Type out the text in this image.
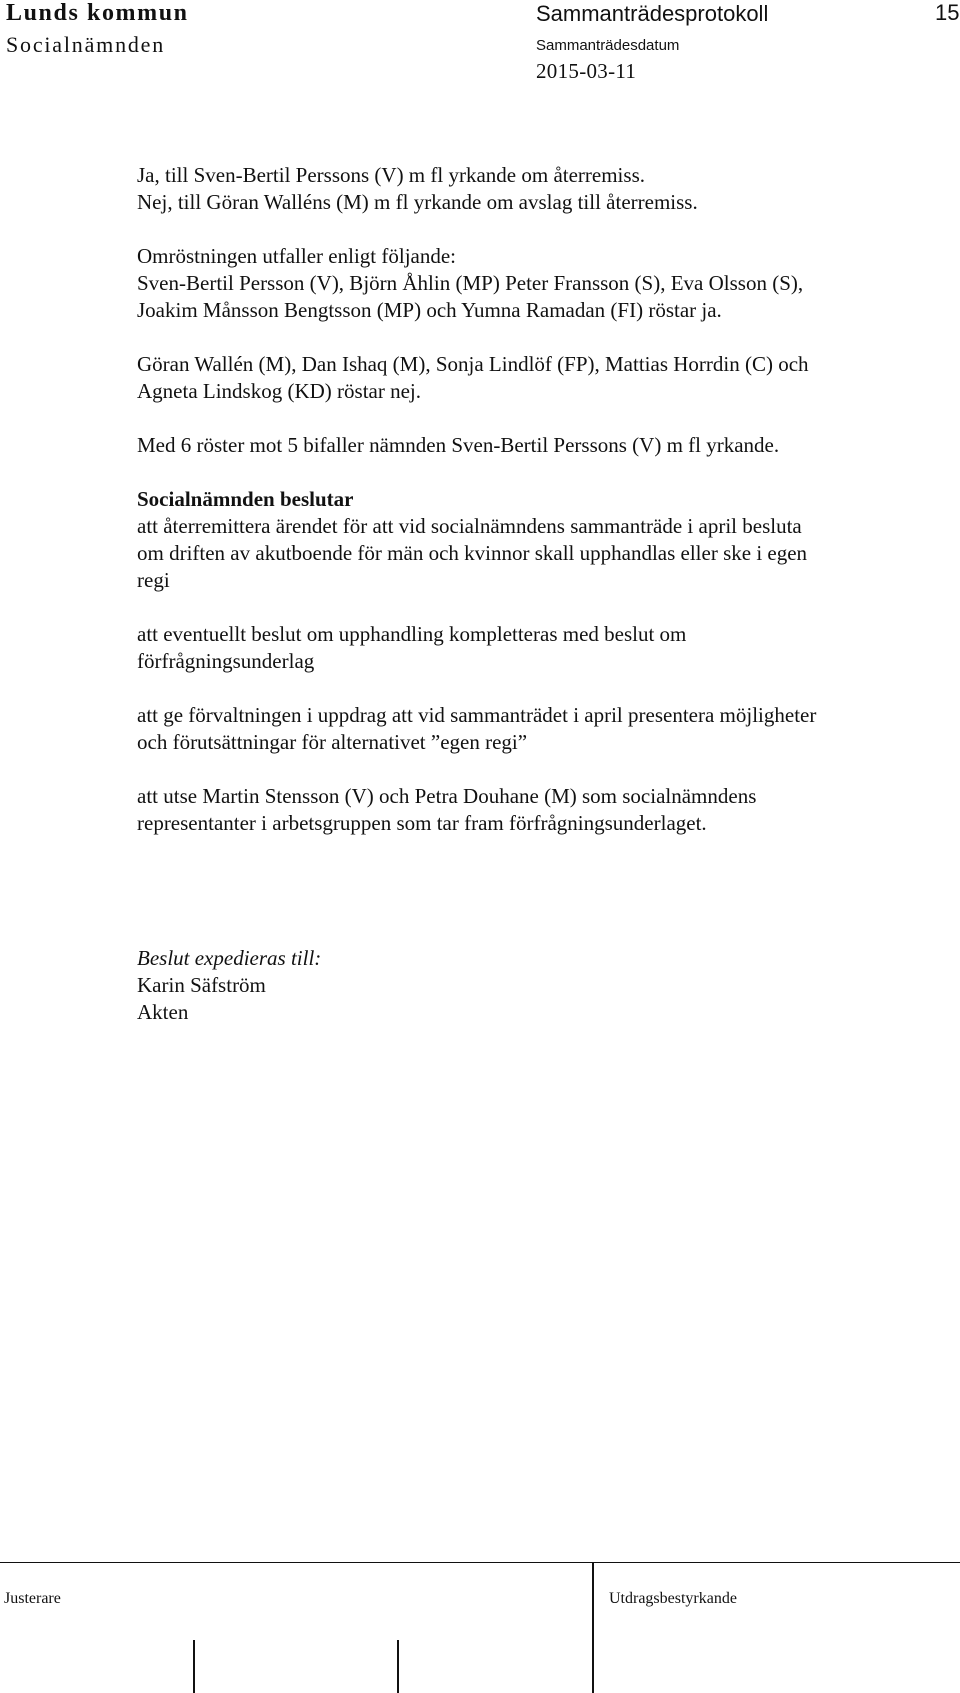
Lunds kommun
Socialnämnden
Sammanträdesprotokoll	15
Sammanträdesdatum
2015-03-11
Ja, till Sven-Bertil Perssons (V) m fl yrkande om återremiss.
Nej, till Göran Walléns (M) m fl yrkande om avslag till återremiss.
Omröstningen utfaller enligt följande:
Sven-Bertil Persson (V), Björn Åhlin (MP) Peter Fransson (S), Eva Olsson (S),
Joakim Månsson Bengtsson (MP) och Yumna Ramadan (FI) röstar ja.
Göran Wallén (M), Dan Ishaq (M), Sonja Lindlöf (FP), Mattias Horrdin (C) och
Agneta Lindskog (KD) röstar nej.
Med 6 röster mot 5 bifaller nämnden Sven-Bertil Perssons (V) m fl yrkande.
Socialnämnden beslutar
att återremittera ärendet för att vid socialnämndens sammanträde i april besluta
om driften av akutboende för män och kvinnor skall upphandlas eller ske i egen
regi
att eventuellt beslut om upphandling kompletteras med beslut om
förfrågningsunderlag
att ge förvaltningen i uppdrag att vid sammanträdet i april presentera möjligheter
och förutsättningar för alternativet ”egen regi”
att utse Martin Stensson (V) och Petra Douhane (M) som socialnämndens
representanter i arbetsgruppen som tar fram förfrågningsunderlaget.
Beslut expedieras till:
Karin Säfström
Akten
Justerare	Utdragsbestyrkande
